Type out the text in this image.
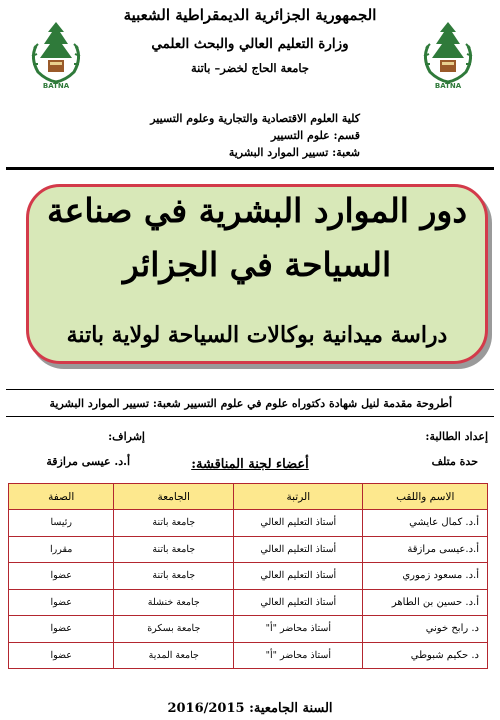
BATNA	BATNA
الجمهورية الجزائرية الديمقراطية الشعبية
وزارة التعليم العالي والبحث العلمي
جامعة الحاج لخضر– باتنة
كلية العلوم الاقتصادية والتجارية وعلوم التسيير
قسم: علوم التسيير
شعبة: تسيير الموارد البشرية
دور الموارد البشرية في صناعة
السياحة في الجزائر
دراسة ميدانية بوكالات السياحة لولاية باتنة
أطروحة مقدمة لنيل شهادة دكتوراه علوم في علوم التسيير شعبة: تسيير الموارد البشرية
إعداد الطالبة:
حدة متلف
إشراف:
أ.د. عيسى مرازقة	أعضاء لجنة المناقشة:
الاسم واللقب	الرتبة	الجامعة	الصفة
أ.د. كمال عايشي	أستاذ التعليم العالي	جامعة باتنة	رئيسا
أ.د.عيسى مرازقة	أستاذ التعليم العالي	جامعة باتنة	مقررا
أ.د. مسعود زموري	أستاذ التعليم العالي	جامعة باتنة	عضوا
أ.د. حسين بن الطاهر	أستاذ التعليم العالي	جامعة خنشلة	عضوا
د. رابح خوني	أستاذ محاضر "أ"	جامعة بسكرة	عضوا
د. حكيم شبوطي	أستاذ محاضر "أ"	جامعة المدية	عضوا
السنة الجامعية: 2016/2015
